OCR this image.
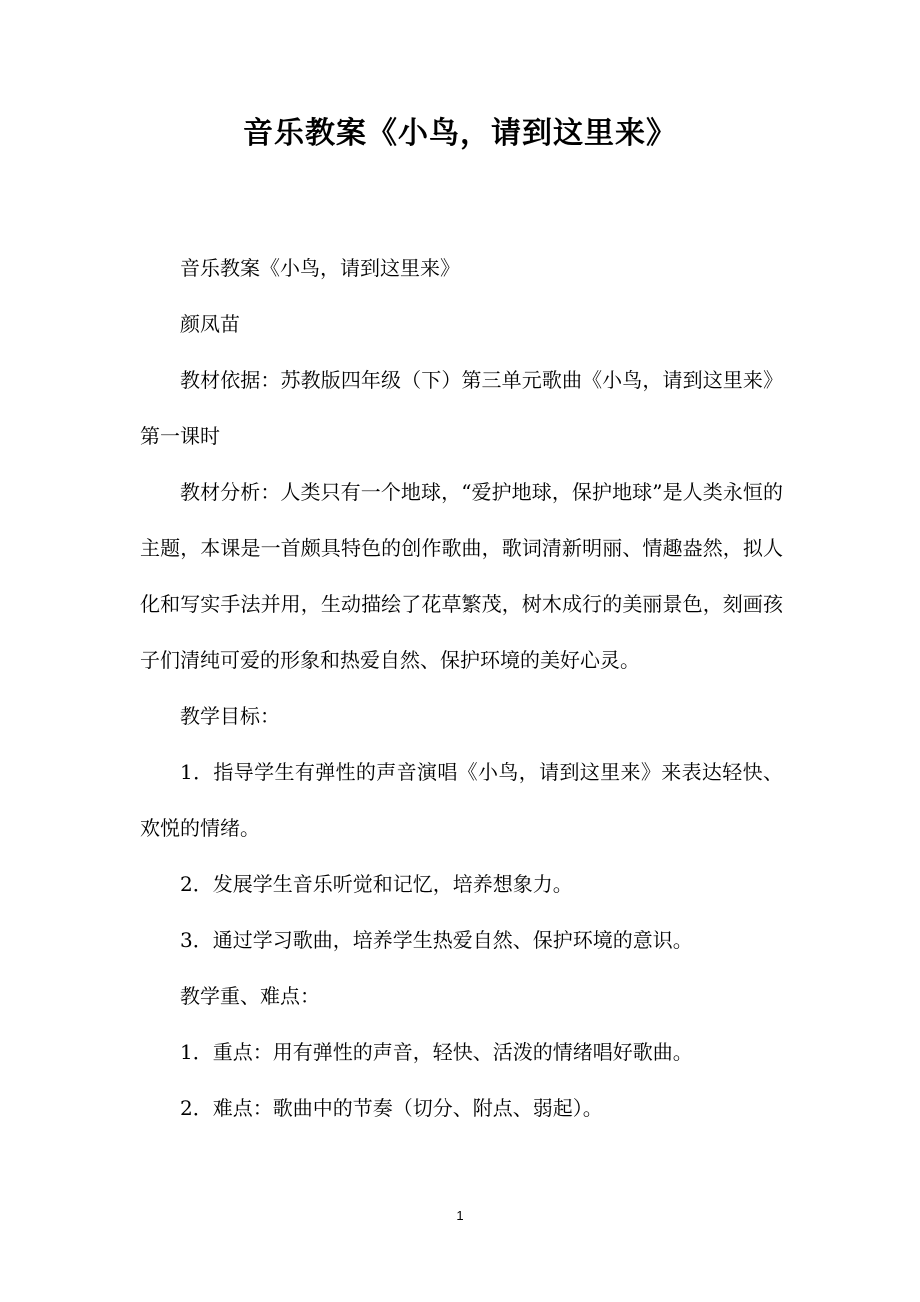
音乐教案《小鸟，请到这里来》

音乐教案《小鸟，请到这里来》

颜凤苗

教材依据：苏教版四年级（下）第三单元歌曲《小鸟，请到这里来》第一课时

教材分析：人类只有一个地球，“爱护地球，保护地球”是人类永恒的主题，本课是一首颇具特色的创作歌曲，歌词清新明丽、情趣盎然，拟人化和写实手法并用，生动描绘了花草繁茂，树木成行的美丽景色，刻画孩子们清纯可爱的形象和热爱自然、保护环境的美好心灵。

教学目标：

1．指导学生有弹性的声音演唱《小鸟，请到这里来》来表达轻快、欢悦的情绪。

2．发展学生音乐听觉和记忆，培养想象力。

3．通过学习歌曲，培养学生热爱自然、保护环境的意识。

教学重、难点：

1．重点：用有弹性的声音，轻快、活泼的情绪唱好歌曲。

2．难点：歌曲中的节奏（切分、附点、弱起）。

1
